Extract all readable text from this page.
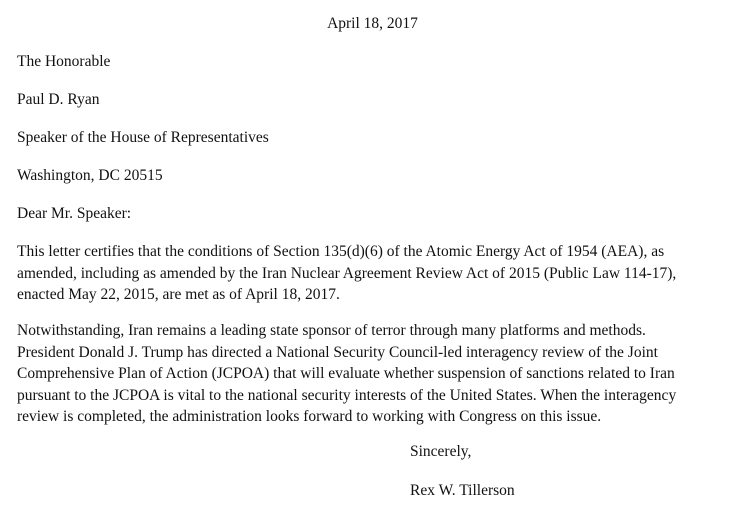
April 18, 2017

The Honorable

Paul D. Ryan

Speaker of the House of Representatives

Washington, DC 20515

Dear Mr. Speaker:

This letter certifies that the conditions of Section 135(d)(6) of the Atomic Energy Act of 1954 (AEA), as
amended, including as amended by the Iran Nuclear Agreement Review Act of 2015 (Public Law 114-17),
enacted May 22, 2015, are met as of April 18, 2017.
Notwithstanding, Iran remains a leading state sponsor of terror through many platforms and methods.
President Donald J. Trump has directed a National Security Council-led interagency review of the Joint
Comprehensive Plan of Action (JCPOA) that will evaluate whether suspension of sanctions related to Iran
pursuant to the JCPOA is vital to the national security interests of the United States. When the interagency
review is completed, the administration looks forward to working with Congress on this issue.

Sincerely,

Rex W. Tillerson
